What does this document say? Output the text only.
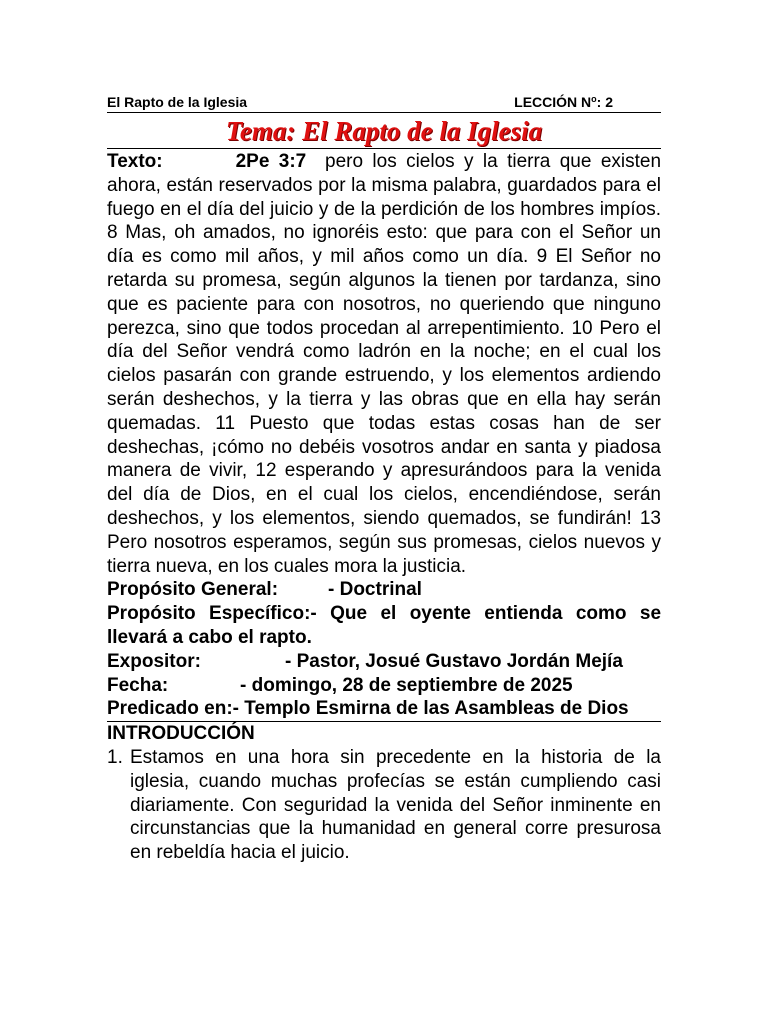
El Rapto de la Iglesia	LECCIÓN $N^o$: 2
Tema: El Rapto de la Iglesia

Texto:	2Pe 3:7 pero los cielos y la tierra que existen ahora, están reservados por la misma palabra, guardados para el fuego en el día del juicio y de la perdición de los hombres impíos. 8 Mas, oh amados, no ignoréis esto: que para con el Señor un día es como mil años, y mil años como un día. 9 El Señor no retarda su promesa, según algunos la tienen por tardanza, sino que es paciente para con nosotros, no queriendo que ninguno perezca, sino que todos procedan al arrepentimiento. 10 Pero el día del Señor vendrá como ladrón en la noche; en el cual los cielos pasarán con grande estruendo, y los elementos ardiendo serán deshechos, y la tierra y las obras que en ella hay serán quemadas. 11 Puesto que todas estas cosas han de ser deshechas, ¡cómo no debéis vosotros andar en santa y piadosa manera de vivir, 12 esperando y apresurándoos para la venida del día de Dios, en el cual los cielos, encendiéndose, serán deshechos, y los elementos, siendo quemados, se fundirán! 13 Pero nosotros esperamos, según sus promesas, cielos nuevos y tierra nueva, en los cuales mora la justicia.

Propósito General:	- Doctrinal
Propósito Específico:- Que el oyente entienda como se llevará a cabo el rapto.
Expositor:	- Pastor, Josué Gustavo Jordán Mejía
Fecha:	- domingo, 28 de septiembre de 2025
Predicado en:- Templo Esmirna de las Asambleas de Dios
INTRODUCCIÓN
1. Estamos en una hora sin precedente en la historia de la iglesia, cuando muchas profecías se están cumpliendo casi diariamente. Con seguridad la venida del Señor inminente en circunstancias que la humanidad en general corre presurosa en rebeldía hacia el juicio.
